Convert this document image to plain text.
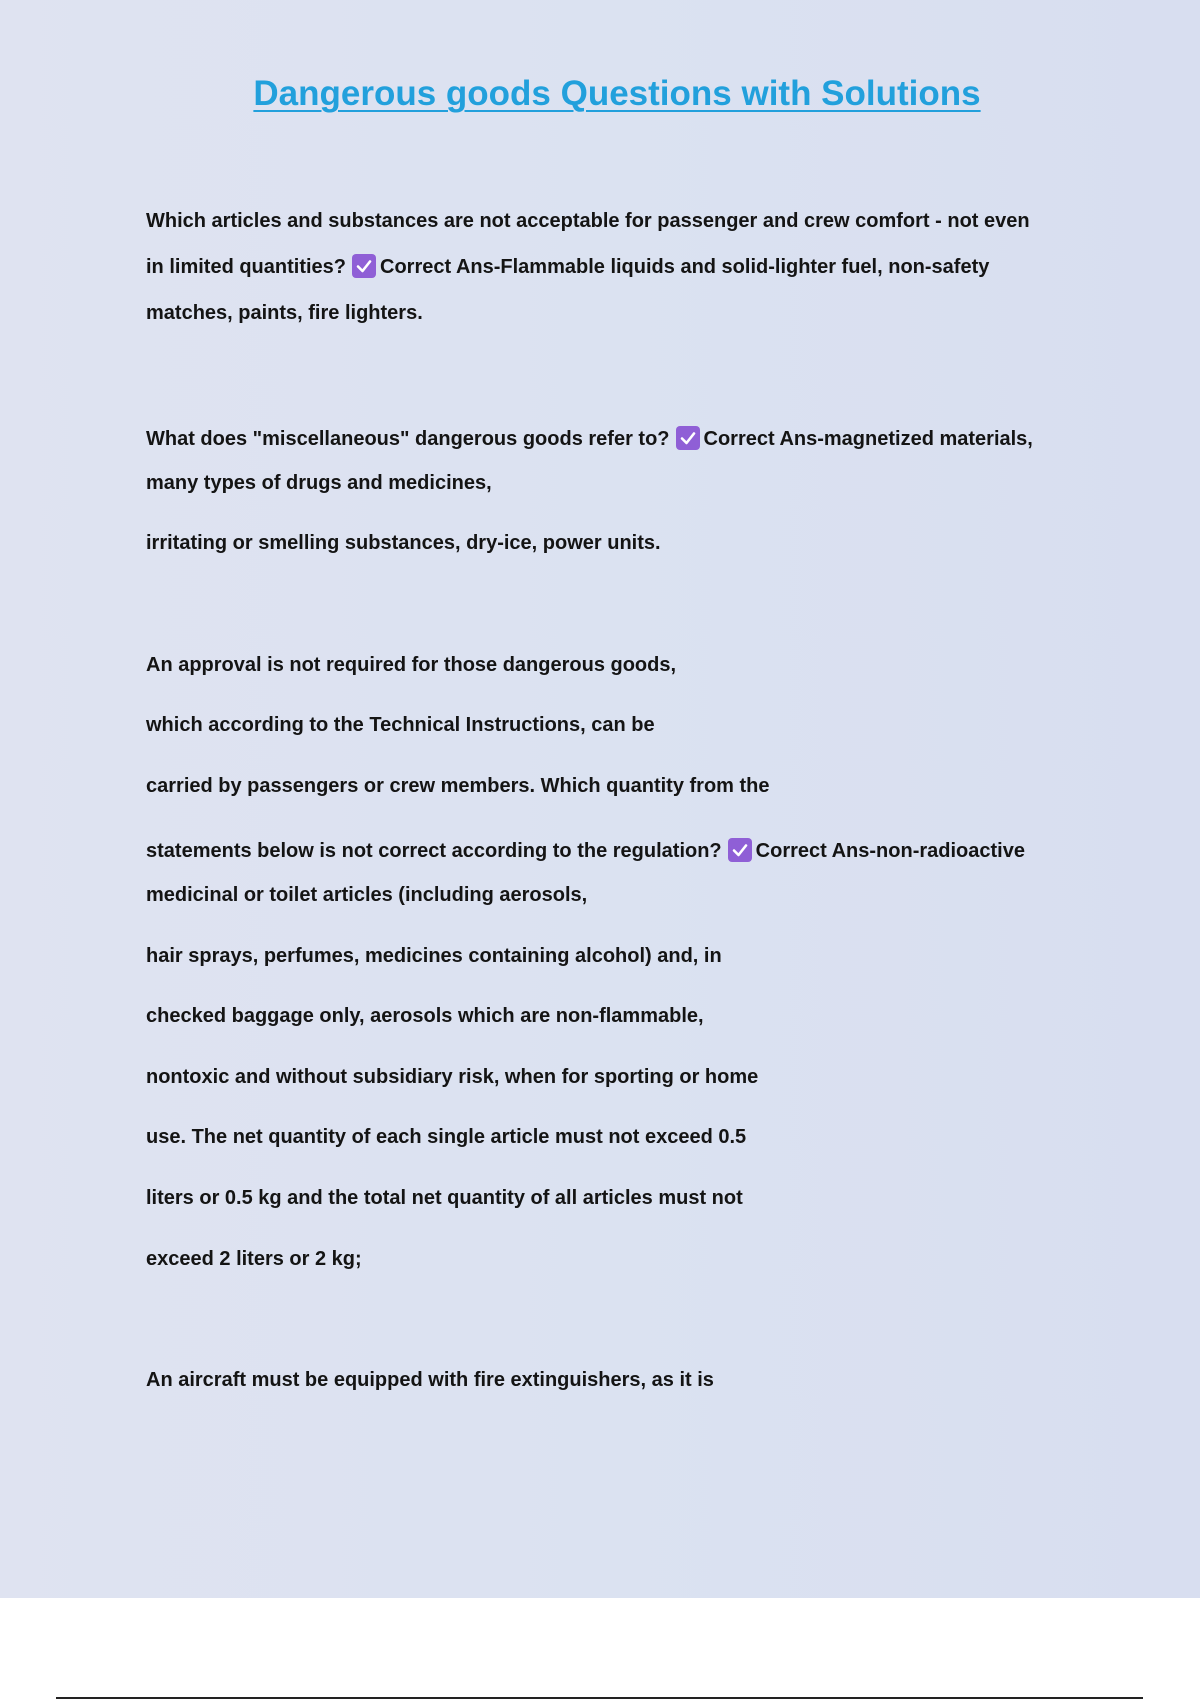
Dangerous goods Questions with Solutions

Which articles and substances are not acceptable for passenger and crew comfort - not even

in limited quantities? Correct Ans-Flammable liquids and solid-lighter fuel, non-safety

matches, paints, fire lighters.

What does "miscellaneous" dangerous goods refer to? Correct Ans-magnetized materials,

many types of drugs and medicines,

irritating or smelling substances, dry-ice, power units.

An approval is not required for those dangerous goods,

which according to the Technical Instructions, can be

carried by passengers or crew members. Which quantity from the

statements below is not correct according to the regulation? Correct Ans-non-radioactive

medicinal or toilet articles (including aerosols,

hair sprays, perfumes, medicines containing alcohol) and, in

checked baggage only, aerosols which are non-flammable,

nontoxic and without subsidiary risk, when for sporting or home

use. The net quantity of each single article must not exceed 0.5

liters or 0.5 kg and the total net quantity of all articles must not

exceed 2 liters or 2 kg;

An aircraft must be equipped with fire extinguishers, as it is
